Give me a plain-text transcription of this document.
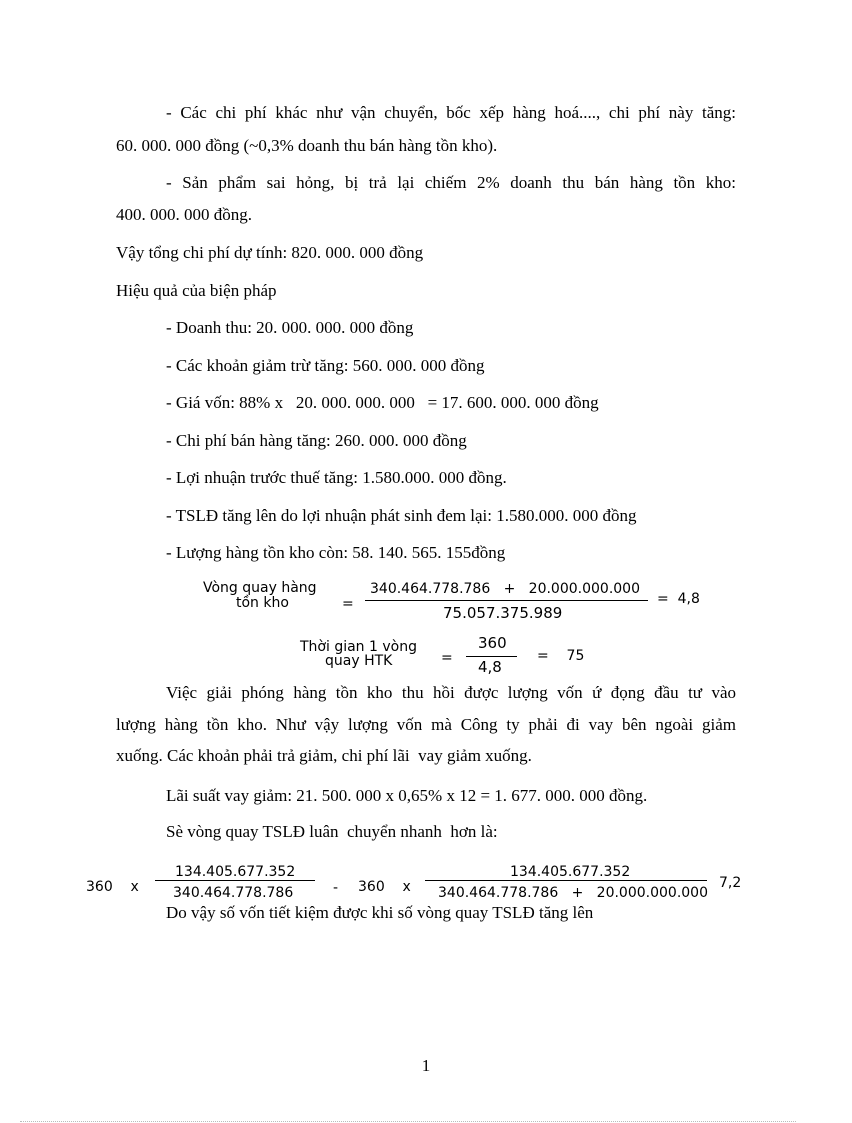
- Các chi phí khác như vận chuyển, bốc xếp hàng hoá...., chi phí này tăng:
60. 000. 000 đồng (~0,3% doanh thu bán hàng tồn kho).
- Sản phẩm sai hỏng, bị trả lại chiếm 2% doanh thu bán hàng tồn kho:
400. 000. 000 đồng.
Vậy tổng chi phí dự tính: 820. 000. 000 đồng
Hiệu quả của biện pháp
- Doanh thu: 20. 000. 000. 000 đồng
- Các khoản giảm trừ tăng: 560. 000. 000 đồng
- Giá vốn: 88% x   20. 000. 000. 000   = 17. 600. 000. 000 đồng
- Chi phí bán hàng tăng: 260. 000. 000 đồng
- Lợi nhuận trước thuế tăng: 1.580.000. 000 đồng.
- TSLĐ tăng lên do lợi nhuận phát sinh đem lại: 1.580.000. 000 đồng
- Lượng hàng tồn kho còn: 58. 140. 565. 155đồng
Vòng quay hàng
tồn kho	=
340.464.778.786   +   20.000.000.000
75.057.375.989
=  4,8
Thời gian 1 vòng
quay HTK	=
360
4,8
=    75
Việc giải phóng hàng tồn kho thu hồi được lượng vốn ứ đọng đầu tư vào
lượng hàng tồn kho. Như vậy lượng vốn mà Công ty phải đi vay bên ngoài giảm
xuống. Các khoản phải trả giảm, chi phí lãi  vay giảm xuống.
Lãi suất vay giảm: 21. 500. 000 x 0,65% x 12 = 1. 677. 000. 000 đồng.
Sè vòng quay TSLĐ luân  chuyển nhanh  hơn là:
Do vậy số vốn tiết kiệm được khi số vòng quay TSLĐ tăng lên
360    x
134.405.677.352
340.464.778.786	- 360    x
134.405.677.352
340.464.778.786   +   20.000.000.000
7,2
1
